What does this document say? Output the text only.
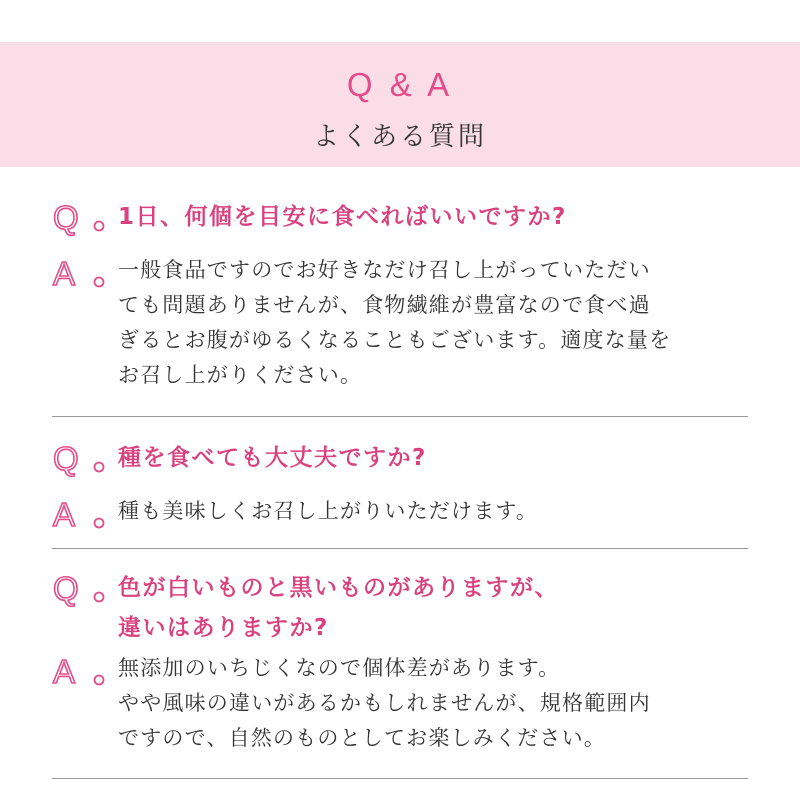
Q & A
よくある質問
Q 1日、何個を目安に食べればいいですか?
A 一般食品ですのでお好きなだけ召し上がっていただい
ても問題ありませんが、食物繊維が豊富なので食べ過
ぎるとお腹がゆるくなることもございます。適度な量を
お召し上がりください。
Q 種を食べても大丈夫ですか?
A 種も美味しくお召し上がりいただけます。
Q 色が白いものと黒いものがありますが、
違いはありますか?
A 無添加のいちじくなので個体差があります。
やや風味の違いがあるかもしれませんが、規格範囲内
ですので、自然のものとしてお楽しみください。
